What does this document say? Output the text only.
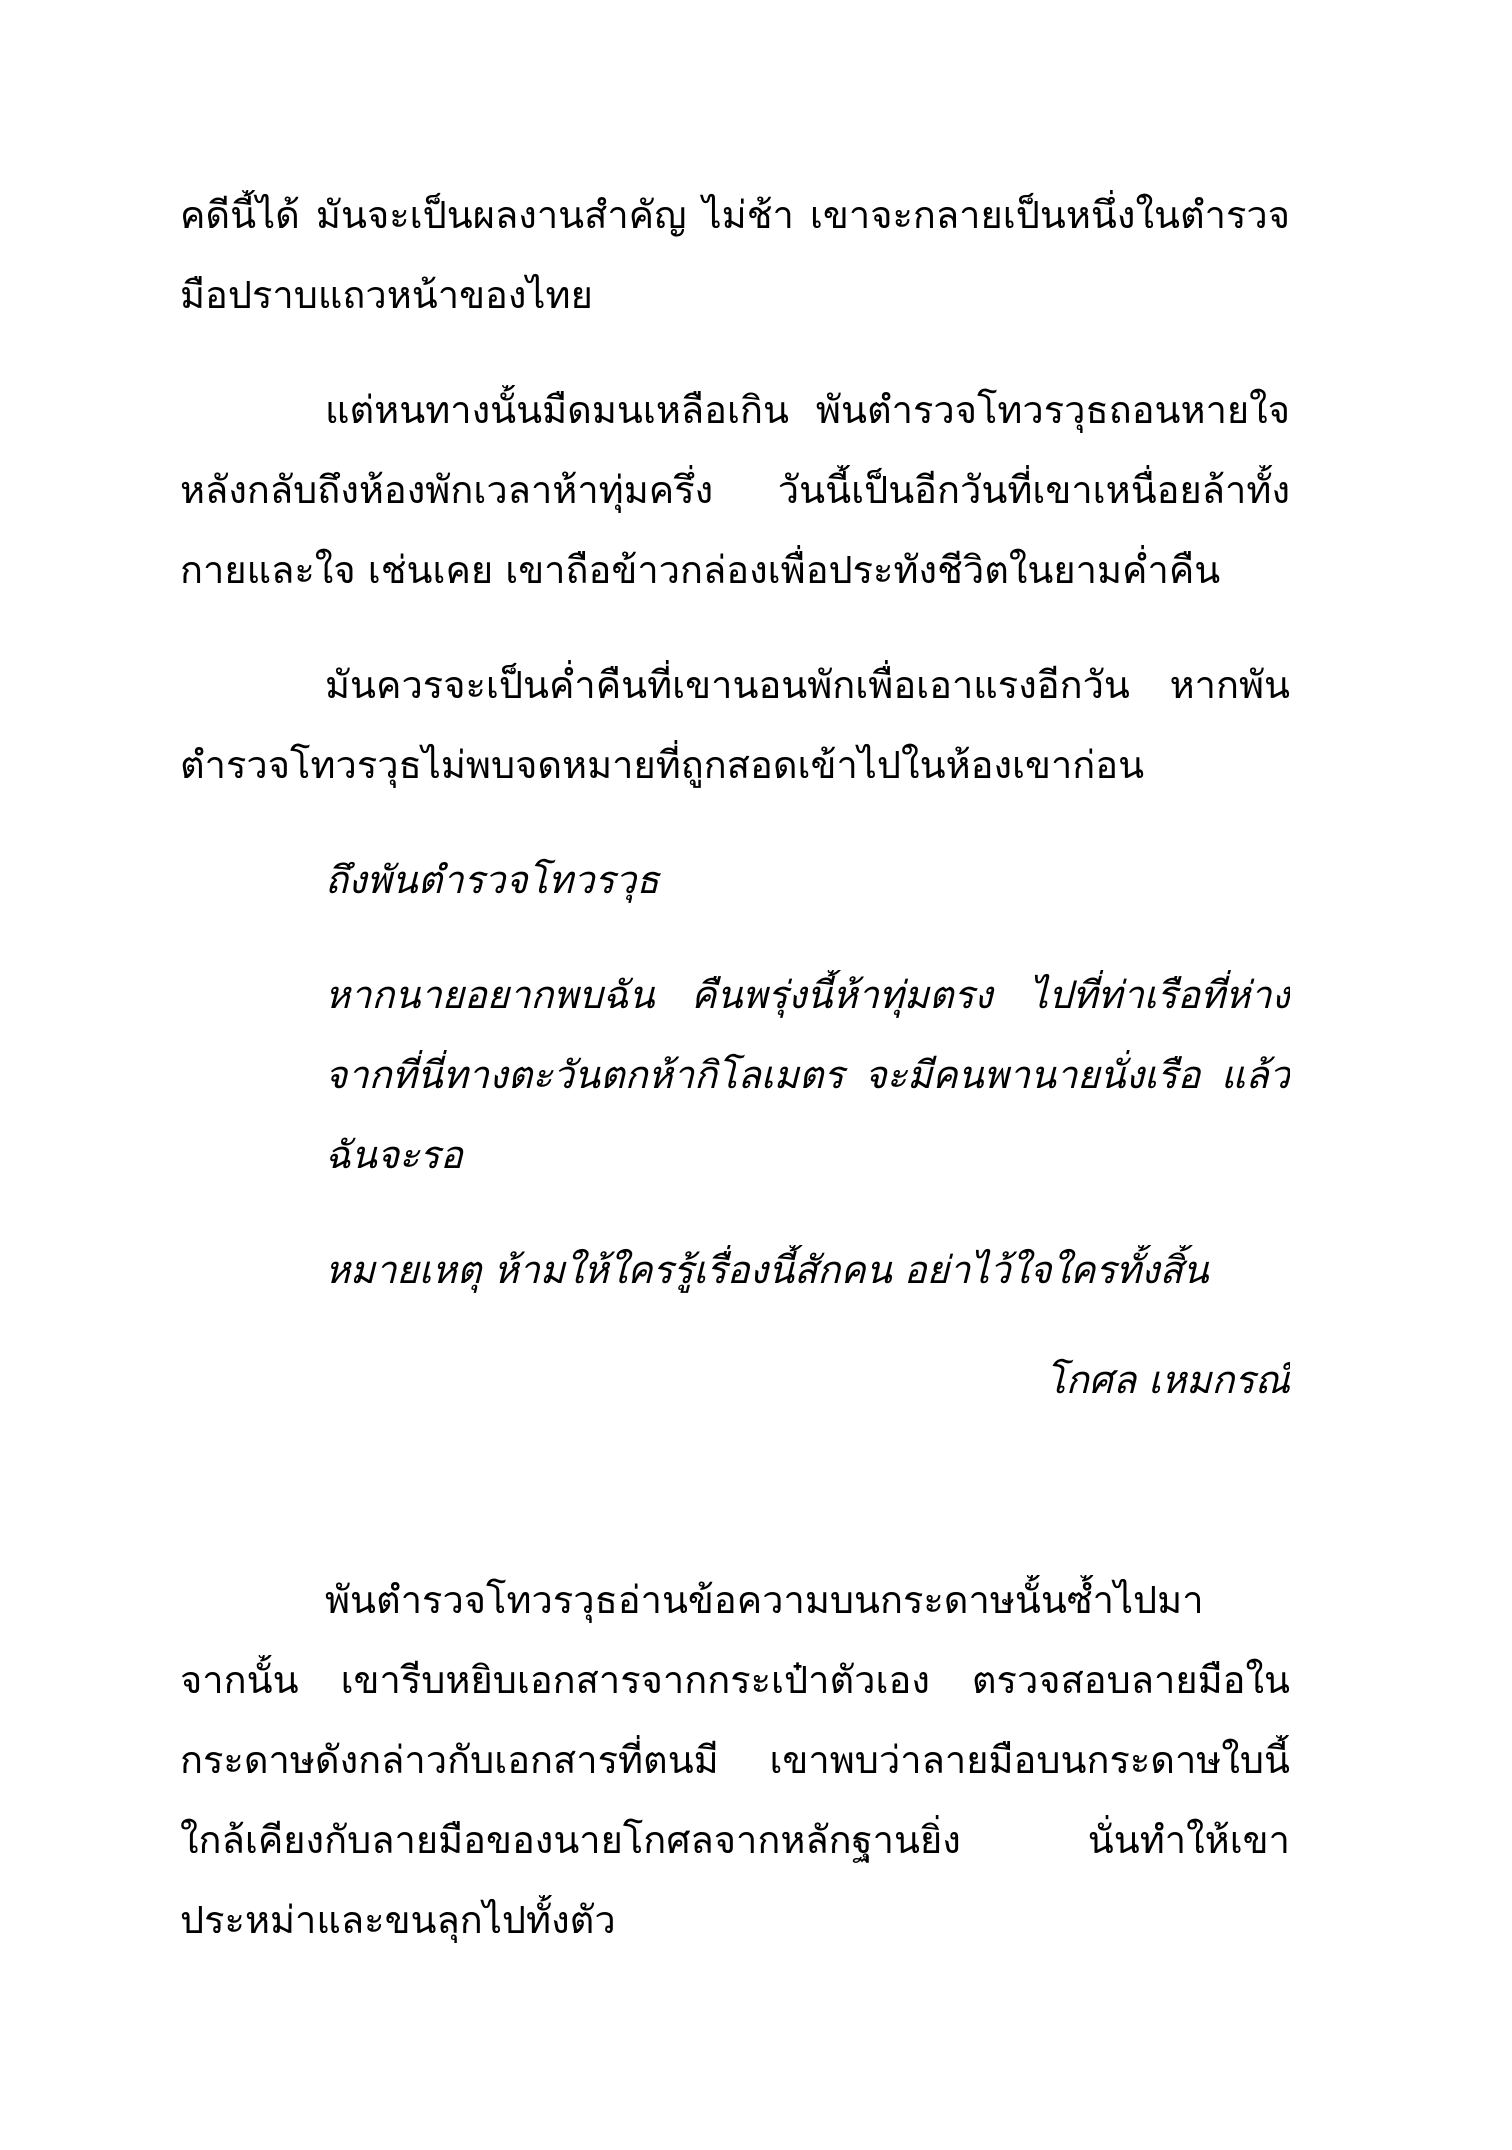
คดีนี้ได้ มันจะเป็นผลงานสำคัญ ไม่ช้า เขาจะกลายเป็นหนึ่งในตำรวจ
มือปราบแถวหน้าของไทย
แต่หนทางนั้นมืดมนเหลือเกิน พันตำรวจโทวรวุธถอนหายใจ
หลังกลับถึงห้องพักเวลาห้าทุ่มครึ่ง วันนี้เป็นอีกวันที่เขาเหนื่อยล้าทั้ง
กายและใจ เช่นเคย เขาถือข้าวกล่องเพื่อประทังชีวิตในยามค่ำคืน
มันควรจะเป็นค่ำคืนที่เขานอนพักเพื่อเอาแรงอีกวัน หากพัน
ตำรวจโทวรวุธไม่พบจดหมายที่ถูกสอดเข้าไปในห้องเขาก่อน
ถึงพันตำรวจโทวรวุธ
หากนายอยากพบฉัน คืนพรุ่งนี้ห้าทุ่มตรง ไปที่ท่าเรือที่ห่าง
จากที่นี่ทางตะวันตกห้ากิโลเมตร จะมีคนพานายนั่งเรือ แล้ว
ฉันจะรอ
หมายเหตุ ห้ามให้ใครรู้เรื่องนี้สักคน อย่าไว้ใจใครทั้งสิ้น
โกศล เหมกรณ์
พันตำรวจโทวรวุธอ่านข้อความบนกระดาษนั้นซ้ำไปมา
จากนั้น เขารีบหยิบเอกสารจากกระเป๋าตัวเอง ตรวจสอบลายมือใน
กระดาษดังกล่าวกับเอกสารที่ตนมี เขาพบว่าลายมือบนกระดาษใบนี้
ใกล้เคียงกับลายมือของนายโกศลจากหลักฐานยิ่ง นั่นทำให้เขา
ประหม่าและขนลุกไปทั้งตัว
